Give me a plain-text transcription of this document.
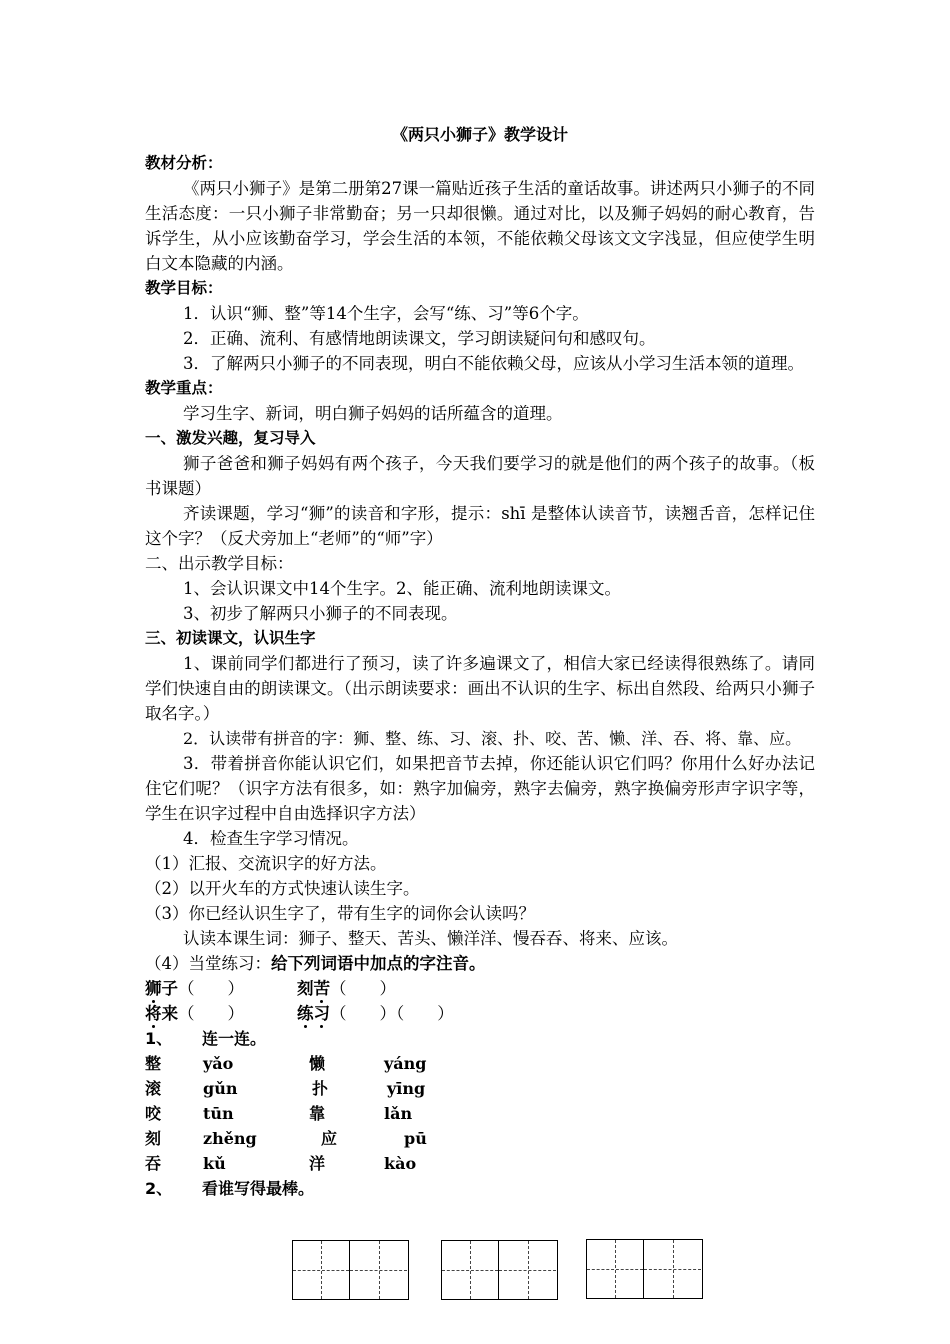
《两只小狮子》教学设计
教材分析：
《两只小狮子》是第二册第27课一篇贴近孩子生活的童话故事。讲述两只小狮子的不同生活态度：一只小狮子非常勤奋；另一只却很懒。通过对比，以及狮子妈妈的耐心教育，告诉学生，从小应该勤奋学习，学会生活的本领，不能依赖父母该文文字浅显，但应使学生明白文本隐藏的内涵。
教学目标：
1．认识“狮、整”等14个生字，会写“练、习”等6个字。
2．正确、流利、有感情地朗读课文，学习朗读疑问句和感叹句。
3．了解两只小狮子的不同表现，明白不能依赖父母，应该从小学习生活本领的道理。
教学重点：
学习生字、新词，明白狮子妈妈的话所蕴含的道理。
一、激发兴趣，复习导入
狮子爸爸和狮子妈妈有两个孩子，今天我们要学习的就是他们的两个孩子的故事。（板书课题）
齐读课题，学习“狮”的读音和字形，提示：shī 是整体认读音节，读翘舌音，怎样记住这个字？（反犬旁加上“老师”的“师”字）
二、出示教学目标：
1、会认识课文中14个生字。2、能正确、流利地朗读课文。
3、初步了解两只小狮子的不同表现。
三、初读课文，认识生字
1、课前同学们都进行了预习，读了许多遍课文了，相信大家已经读得很熟练了。请同学们快速自由的朗读课文。（出示朗读要求：画出不认识的生字、标出自然段、给两只小狮子取名字。）
2．认读带有拼音的字：狮、整、练、习、滚、扑、咬、苦、懒、洋、吞、将、靠、应。
3．带着拼音你能认识它们，如果把音节去掉，你还能认识它们吗？你用什么好办法记住它们呢？（识字方法有很多，如：熟字加偏旁，熟字去偏旁，熟字换偏旁形声字识字等，学生在识字过程中自由选择识字方法）
4．检查生字学习情况。
（1）汇报、交流识字的好方法。
（2）以开火车的方式快速认读生字。
（3）你已经认识生字了，带有生字的词你会认读吗？
认读本课生词：狮子、整天、苦头、懒洋洋、慢吞吞、将来、应该。
（4）当堂练习：给下列词语中加点的字注音。
狮子（　　）	刻苦（　　）
将来（　　）	练习（　　）（　　）
1、	连一连。
整	yǎo	懒	yáng
滚	gǔn	扑	yīng
咬	tūn	靠	lǎn
刻	zhěng	应	pū
吞	kǔ	洋	kào
2、	看谁写得最棒。
